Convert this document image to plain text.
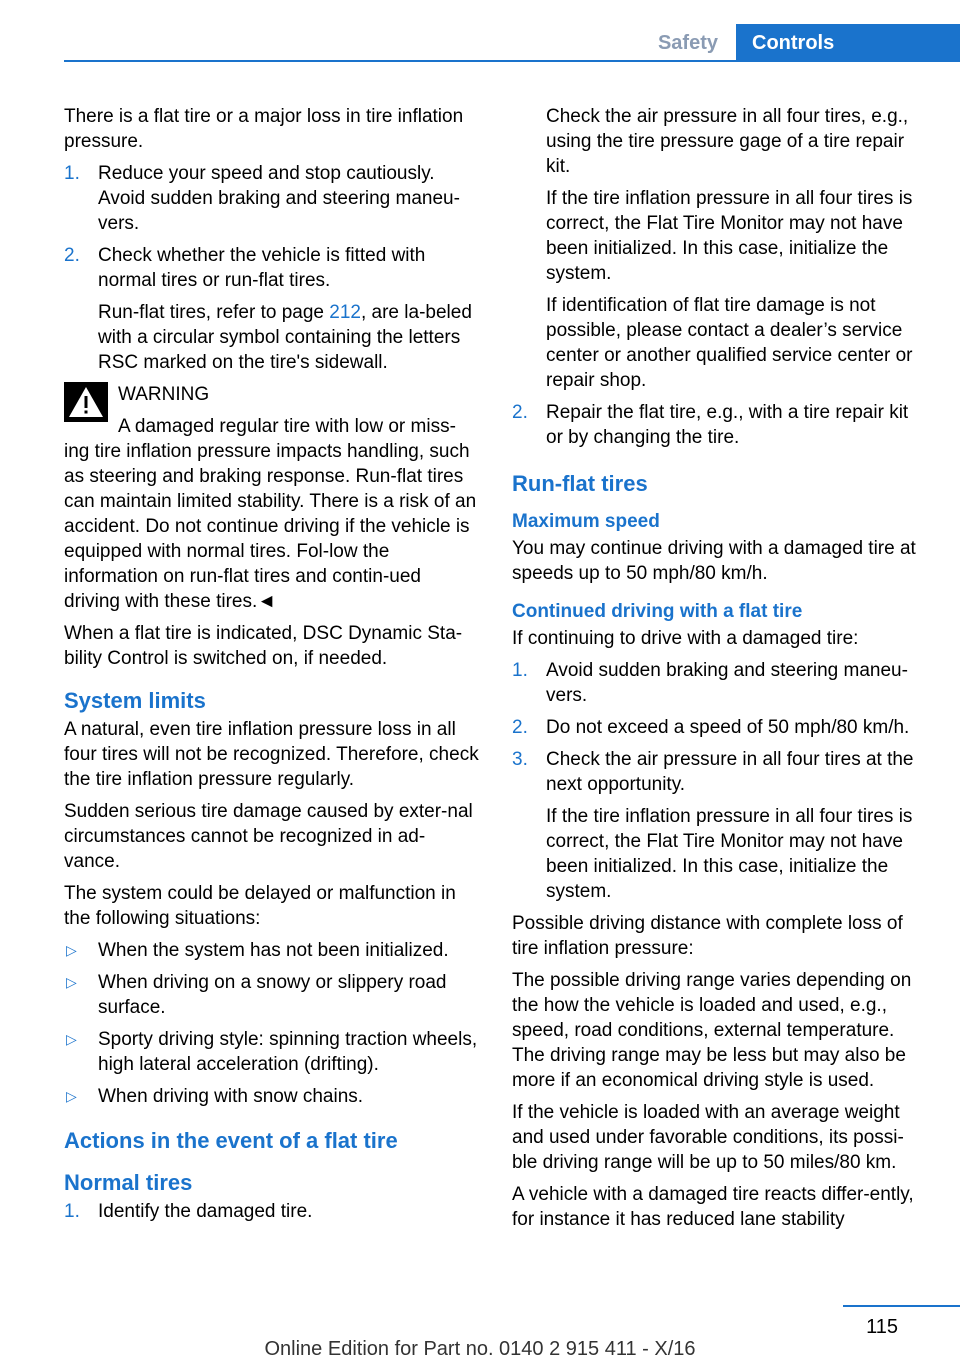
Safety	Controls

There is a flat tire or a major loss in tire inflation pressure.

1. Reduce your speed and stop cautiously. Avoid sudden braking and steering maneu-vers.

2. Check whether the vehicle is fitted with normal tires or run-flat tires.

Run-flat tires, refer to page 212, are la-beled with a circular symbol containing the letters RSC marked on the tire's sidewall.

WARNING
A damaged regular tire with low or miss-ing tire inflation pressure impacts handling, such as steering and braking response. Run-flat tires can maintain limited stability. There is a risk of an accident. Do not continue driving if the vehicle is equipped with normal tires. Fol-low the information on run-flat tires and contin-ued driving with these tires.◄

When a flat tire is indicated, DSC Dynamic Sta-bility Control is switched on, if needed.

System limits

A natural, even tire inflation pressure loss in all four tires will not be recognized. Therefore, check the tire inflation pressure regularly.

Sudden serious tire damage caused by exter-nal circumstances cannot be recognized in ad-vance.

The system could be delayed or malfunction in the following situations:

▷ When the system has not been initialized.

▷ When driving on a snowy or slippery road surface.

▷ Sporty driving style: spinning traction wheels, high lateral acceleration (drifting).

▷ When driving with snow chains.

Actions in the event of a flat tire
Normal tires
1. Identify the damaged tire.

Check the air pressure in all four tires, e.g., using the tire pressure gage of a tire repair kit.

If the tire inflation pressure in all four tires is correct, the Flat Tire Monitor may not have been initialized. In this case, initialize the system.

If identification of flat tire damage is not possible, please contact a dealer’s service center or another qualified service center or repair shop.

2. Repair the flat tire, e.g., with a tire repair kit or by changing the tire.

Run-flat tires
Maximum speed

You may continue driving with a damaged tire at speeds up to 50 mph/80 km/h.

Continued driving with a flat tire

If continuing to drive with a damaged tire:

1. Avoid sudden braking and steering maneu-vers.

2. Do not exceed a speed of 50 mph/80 km/h.

3. Check the air pressure in all four tires at the next opportunity.

If the tire inflation pressure in all four tires is correct, the Flat Tire Monitor may not have been initialized. In this case, initialize the system.

Possible driving distance with complete loss of tire inflation pressure:

The possible driving range varies depending on the how the vehicle is loaded and used, e.g., speed, road conditions, external temperature. The driving range may be less but may also be more if an economical driving style is used.

If the vehicle is loaded with an average weight and used under favorable conditions, its possi-ble driving range will be up to 50 miles/80 km.

A vehicle with a damaged tire reacts differ-ently, for instance it has reduced lane stability

115
Online Edition for Part no. 0140 2 915 411 - X/16
